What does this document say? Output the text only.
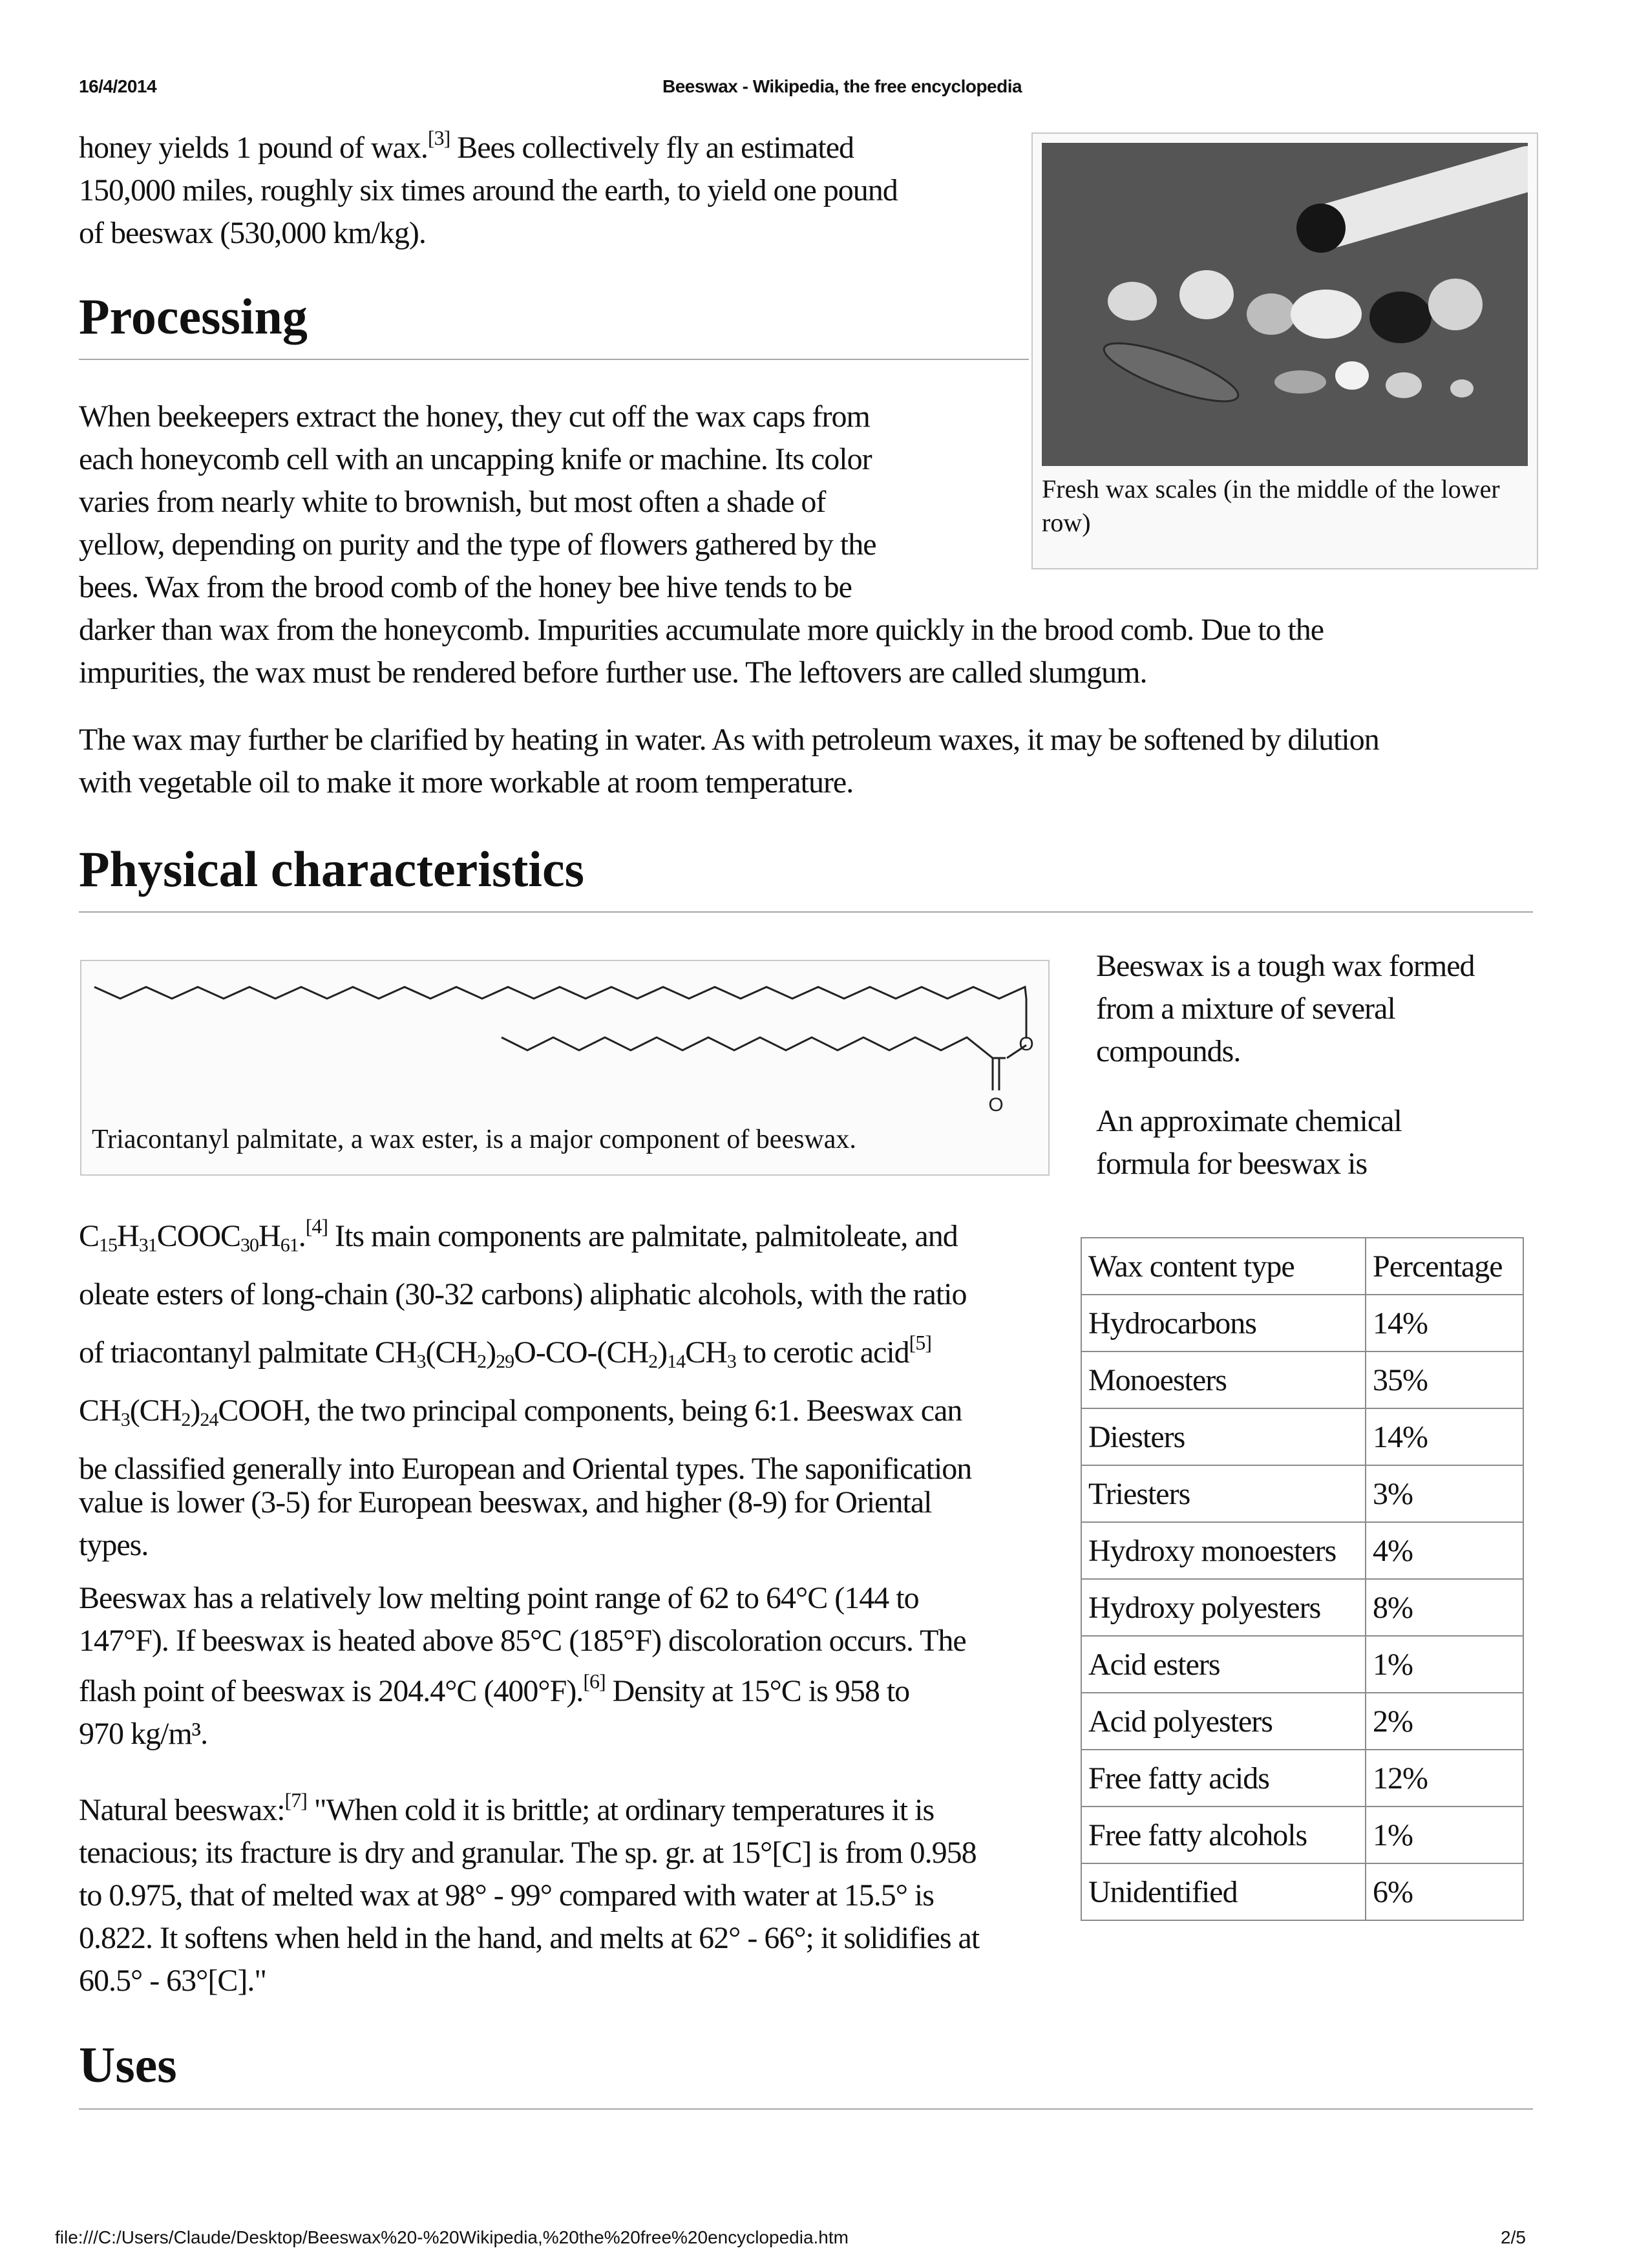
16/4/2014	Beeswax - Wikipedia, the free encyclopedia
honey yields 1 pound of wax.[3] Bees collectively fly an estimated
150,000 miles, roughly six times around the earth, to yield one pound
of beeswax (530,000 km/kg).
Processing
Fresh wax scales (in the middle of the lower row)
When beekeepers extract the honey, they cut off the wax caps from
each honeycomb cell with an uncapping knife or machine. Its color
varies from nearly white to brownish, but most often a shade of
yellow, depending on purity and the type of flowers gathered by the
bees. Wax from the brood comb of the honey bee hive tends to be
darker than wax from the honeycomb. Impurities accumulate more quickly in the brood comb. Due to the
impurities, the wax must be rendered before further use. The leftovers are called slumgum.
The wax may further be clarified by heating in water. As with petroleum waxes, it may be softened by dilution
with vegetable oil to make it more workable at room temperature.
Physical characteristics
O
O
Triacontanyl palmitate, a wax ester, is a major component of beeswax.
Beeswax is a tough wax formed
from a mixture of several
compounds.
An approximate chemical
formula for beeswax is
Wax content type	Percentage
Hydrocarbons	14%
Monoesters	35%
Diesters	14%
Triesters	3%
Hydroxy monoesters	4%
Hydroxy polyesters	8%
Acid esters	1%
Acid polyesters	2%
Free fatty acids	12%
Free fatty alcohols	1%
Unidentified	6%
$C_{15}H_{31}COOC_{30}H_{61}.[4]$ Its main components are palmitate, palmitoleate, and
oleate esters of long-chain (30-32 carbons) aliphatic alcohols, with the ratio
of triacontanyl palmitate $CH_3(CH_2)_{29}O-CO-(CH_2)_{14}CH_3$ to cerotic acid[5]
$CH_3(CH_2)_{24}COOH$, the two principal components, being 6:1. Beeswax can
be classified generally into European and Oriental types. The saponification
value is lower (3-5) for European beeswax, and higher (8-9) for Oriental
types.
Beeswax has a relatively low melting point range of 62 to 64°C (144 to
147°F). If beeswax is heated above 85°C (185°F) discoloration occurs. The
flash point of beeswax is 204.4°C (400°F).[6] Density at 15°C is 958 to
970 kg/m³.
Natural beeswax:[7] "When cold it is brittle; at ordinary temperatures it is
tenacious; its fracture is dry and granular. The sp. gr. at 15°[C] is from 0.958
to 0.975, that of melted wax at 98° - 99° compared with water at 15.5° is
0.822. It softens when held in the hand, and melts at 62° - 66°; it solidifies at
60.5° - 63°[C]."
Uses
file:///C:/Users/Claude/Desktop/Beeswax%20-%20Wikipedia,%20the%20free%20encyclopedia.htm	2/5
